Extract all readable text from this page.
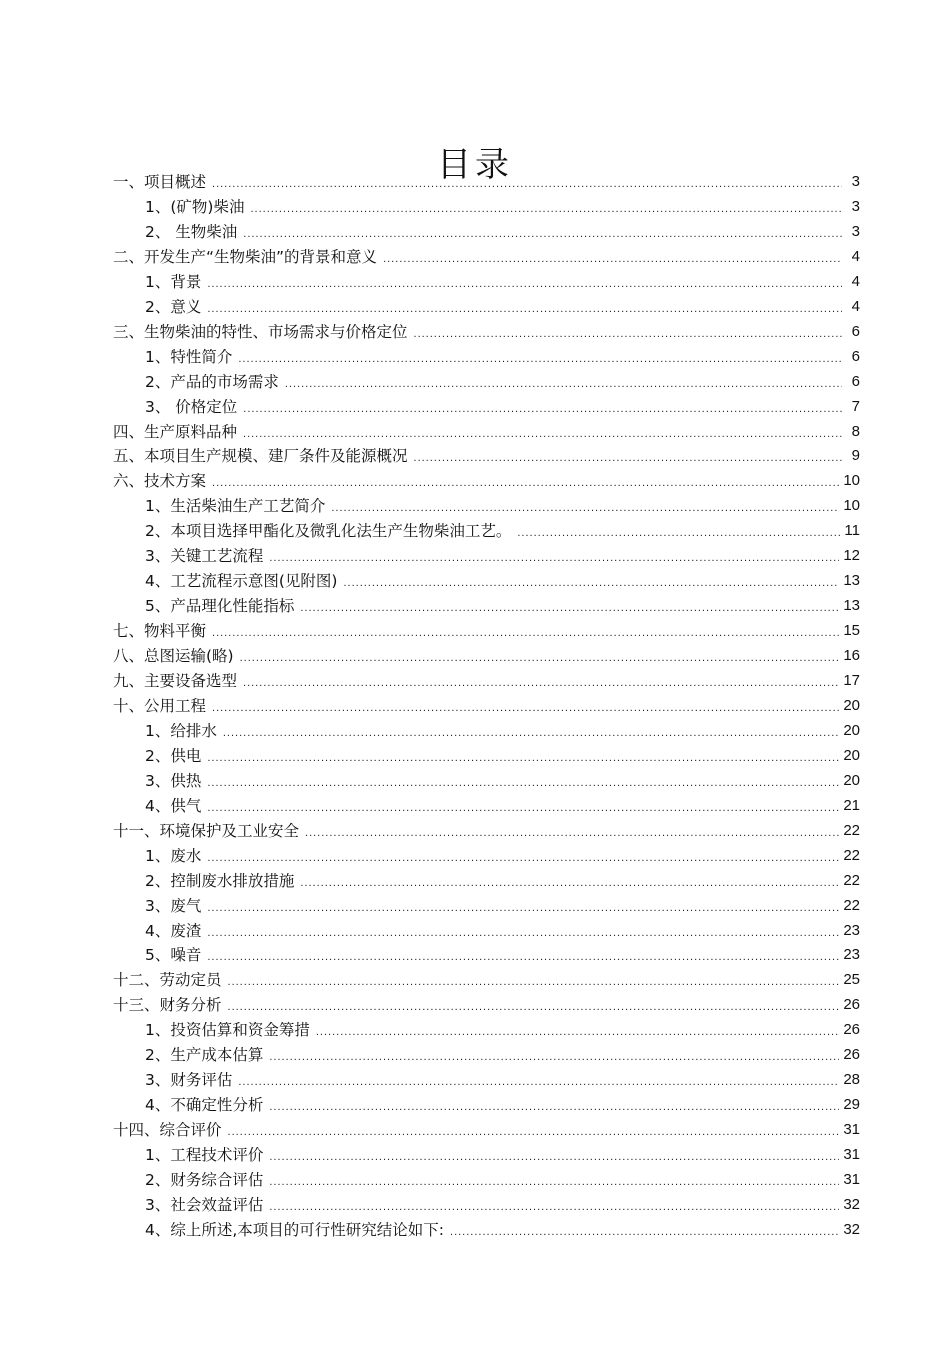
目录
一、项目概述 .....	3
1、(矿物)柴油 .....	3
2、 生物柴油 .....	3
二、开发生产“生物柴油”的背景和意义 .....	4
1、背景 .....	4
2、意义 .....	4
三、生物柴油的特性、市场需求与价格定位 .....	6
1、特性简介 .....	6
2、产品的市场需求 .....	6
3、 价格定位 .....	7
四、生产原料品种 .....	8
五、本项目生产规模、建厂条件及能源概况 .....	9
六、技术方案 .....	10
1、生活柴油生产工艺简介 .....	10
2、本项目选择甲酯化及微乳化法生产生物柴油工艺。 .....	11
3、关键工艺流程 .....	12
4、工艺流程示意图(见附图) .....	13
5、产品理化性能指标 .....	13
七、物料平衡 .....	15
八、总图运输(略) .....	16
九、主要设备选型 .....	17
十、公用工程 .....	20
1、给排水 .....	20
2、供电 .....	20
3、供热 .....	20
4、供气 .....	21
十一、环境保护及工业安全 .....	22
1、废水 .....	22
2、控制废水排放措施 .....	22
3、废气 .....	22
4、废渣 .....	23
5、噪音 .....	23
十二、劳动定员 .....	25
十三、财务分析 .....	26
1、投资估算和资金筹措 .....	26
2、生产成本估算 .....	26
3、财务评估 .....	28
4、不确定性分析 .....	29
十四、综合评价 .....	31
1、工程技术评价 .....	31
2、财务综合评估 .....	31
3、社会效益评估 .....	32
4、综上所述,本项目的可行性研究结论如下: .....	32
